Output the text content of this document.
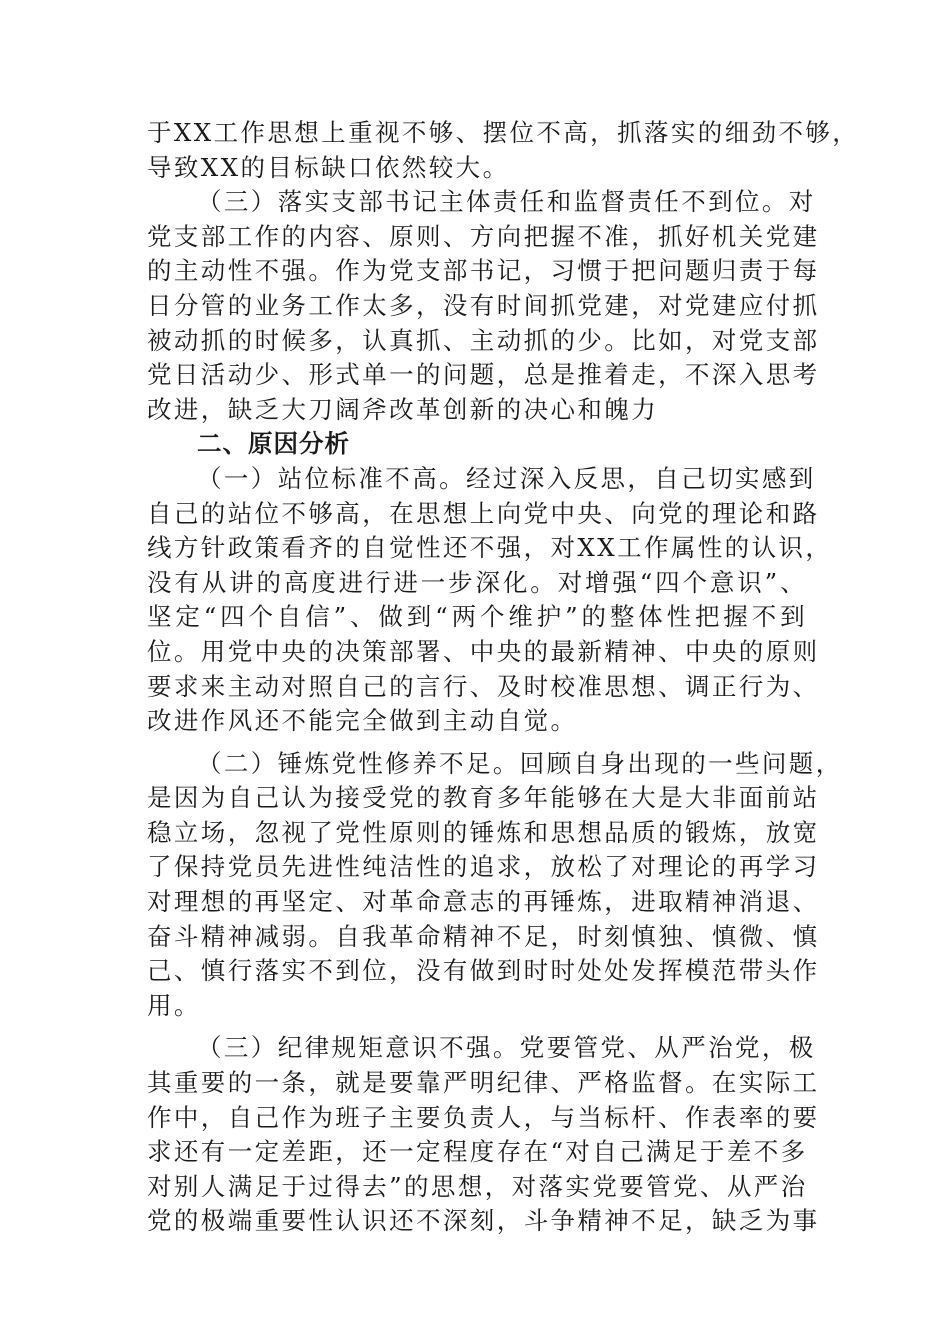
于XX工作思想上重视不够、摆位不高，抓落实的细劲不够，
导致XX的目标缺口依然较大。
（三）落实支部书记主体责任和监督责任不到位。对
党支部工作的内容、原则、方向把握不准，抓好机关党建
的主动性不强。作为党支部书记，习惯于把问题归责于每
日分管的业务工作太多，没有时间抓党建，对党建应付抓
被动抓的时候多，认真抓、主动抓的少。比如，对党支部
党日活动少、形式单一的问题，总是推着走，不深入思考
改进，缺乏大刀阔斧改革创新的决心和魄力
二、原因分析
（一）站位标准不高。经过深入反思，自己切实感到
自己的站位不够高，在思想上向党中央、向党的理论和路
线方针政策看齐的自觉性还不强，对XX工作属性的认识，
没有从讲的高度进行进一步深化。对增强“四个意识”、
坚定“四个自信”、做到“两个维护”的整体性把握不到
位。用党中央的决策部署、中央的最新精神、中央的原则
要求来主动对照自己的言行、及时校准思想、调正行为、
改进作风还不能完全做到主动自觉。
（二）锤炼党性修养不足。回顾自身出现的一些问题，
是因为自己认为接受党的教育多年能够在大是大非面前站
稳立场，忽视了党性原则的锤炼和思想品质的锻炼，放宽
了保持党员先进性纯洁性的追求，放松了对理论的再学习
对理想的再坚定、对革命意志的再锤炼，进取精神消退、
奋斗精神减弱。自我革命精神不足，时刻慎独、慎微、慎
己、慎行落实不到位，没有做到时时处处发挥模范带头作
用。
（三）纪律规矩意识不强。党要管党、从严治党，极
其重要的一条，就是要靠严明纪律、严格监督。在实际工
作中，自己作为班子主要负责人，与当标杆、作表率的要
求还有一定差距，还一定程度存在“对自己满足于差不多
对别人满足于过得去”的思想，对落实党要管党、从严治
党的极端重要性认识还不深刻，斗争精神不足，缺乏为事
